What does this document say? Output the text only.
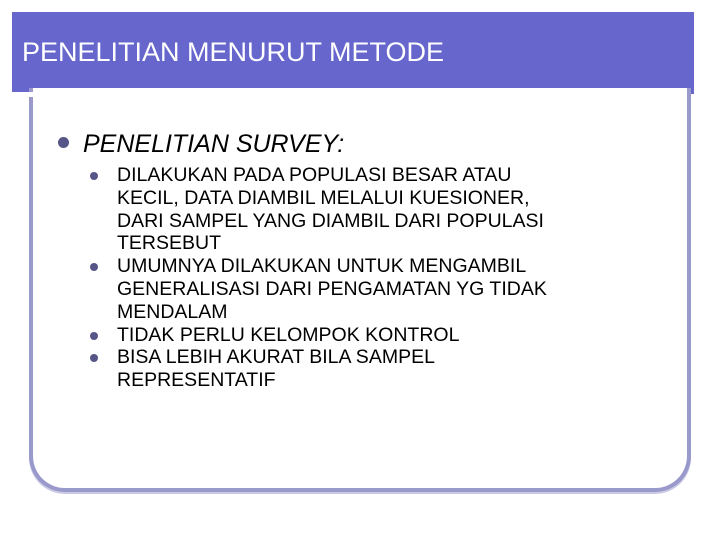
PENELITIAN MENURUT METODE
PENELITIAN SURVEY:
DILAKUKAN PADA POPULASI BESAR ATAU
KECIL, DATA DIAMBIL MELALUI KUESIONER,
DARI SAMPEL YANG DIAMBIL DARI POPULASI
TERSEBUT
UMUMNYA DILAKUKAN UNTUK MENGAMBIL
GENERALISASI DARI PENGAMATAN YG TIDAK
MENDALAM
TIDAK PERLU KELOMPOK KONTROL
BISA LEBIH AKURAT BILA SAMPEL
REPRESENTATIF
